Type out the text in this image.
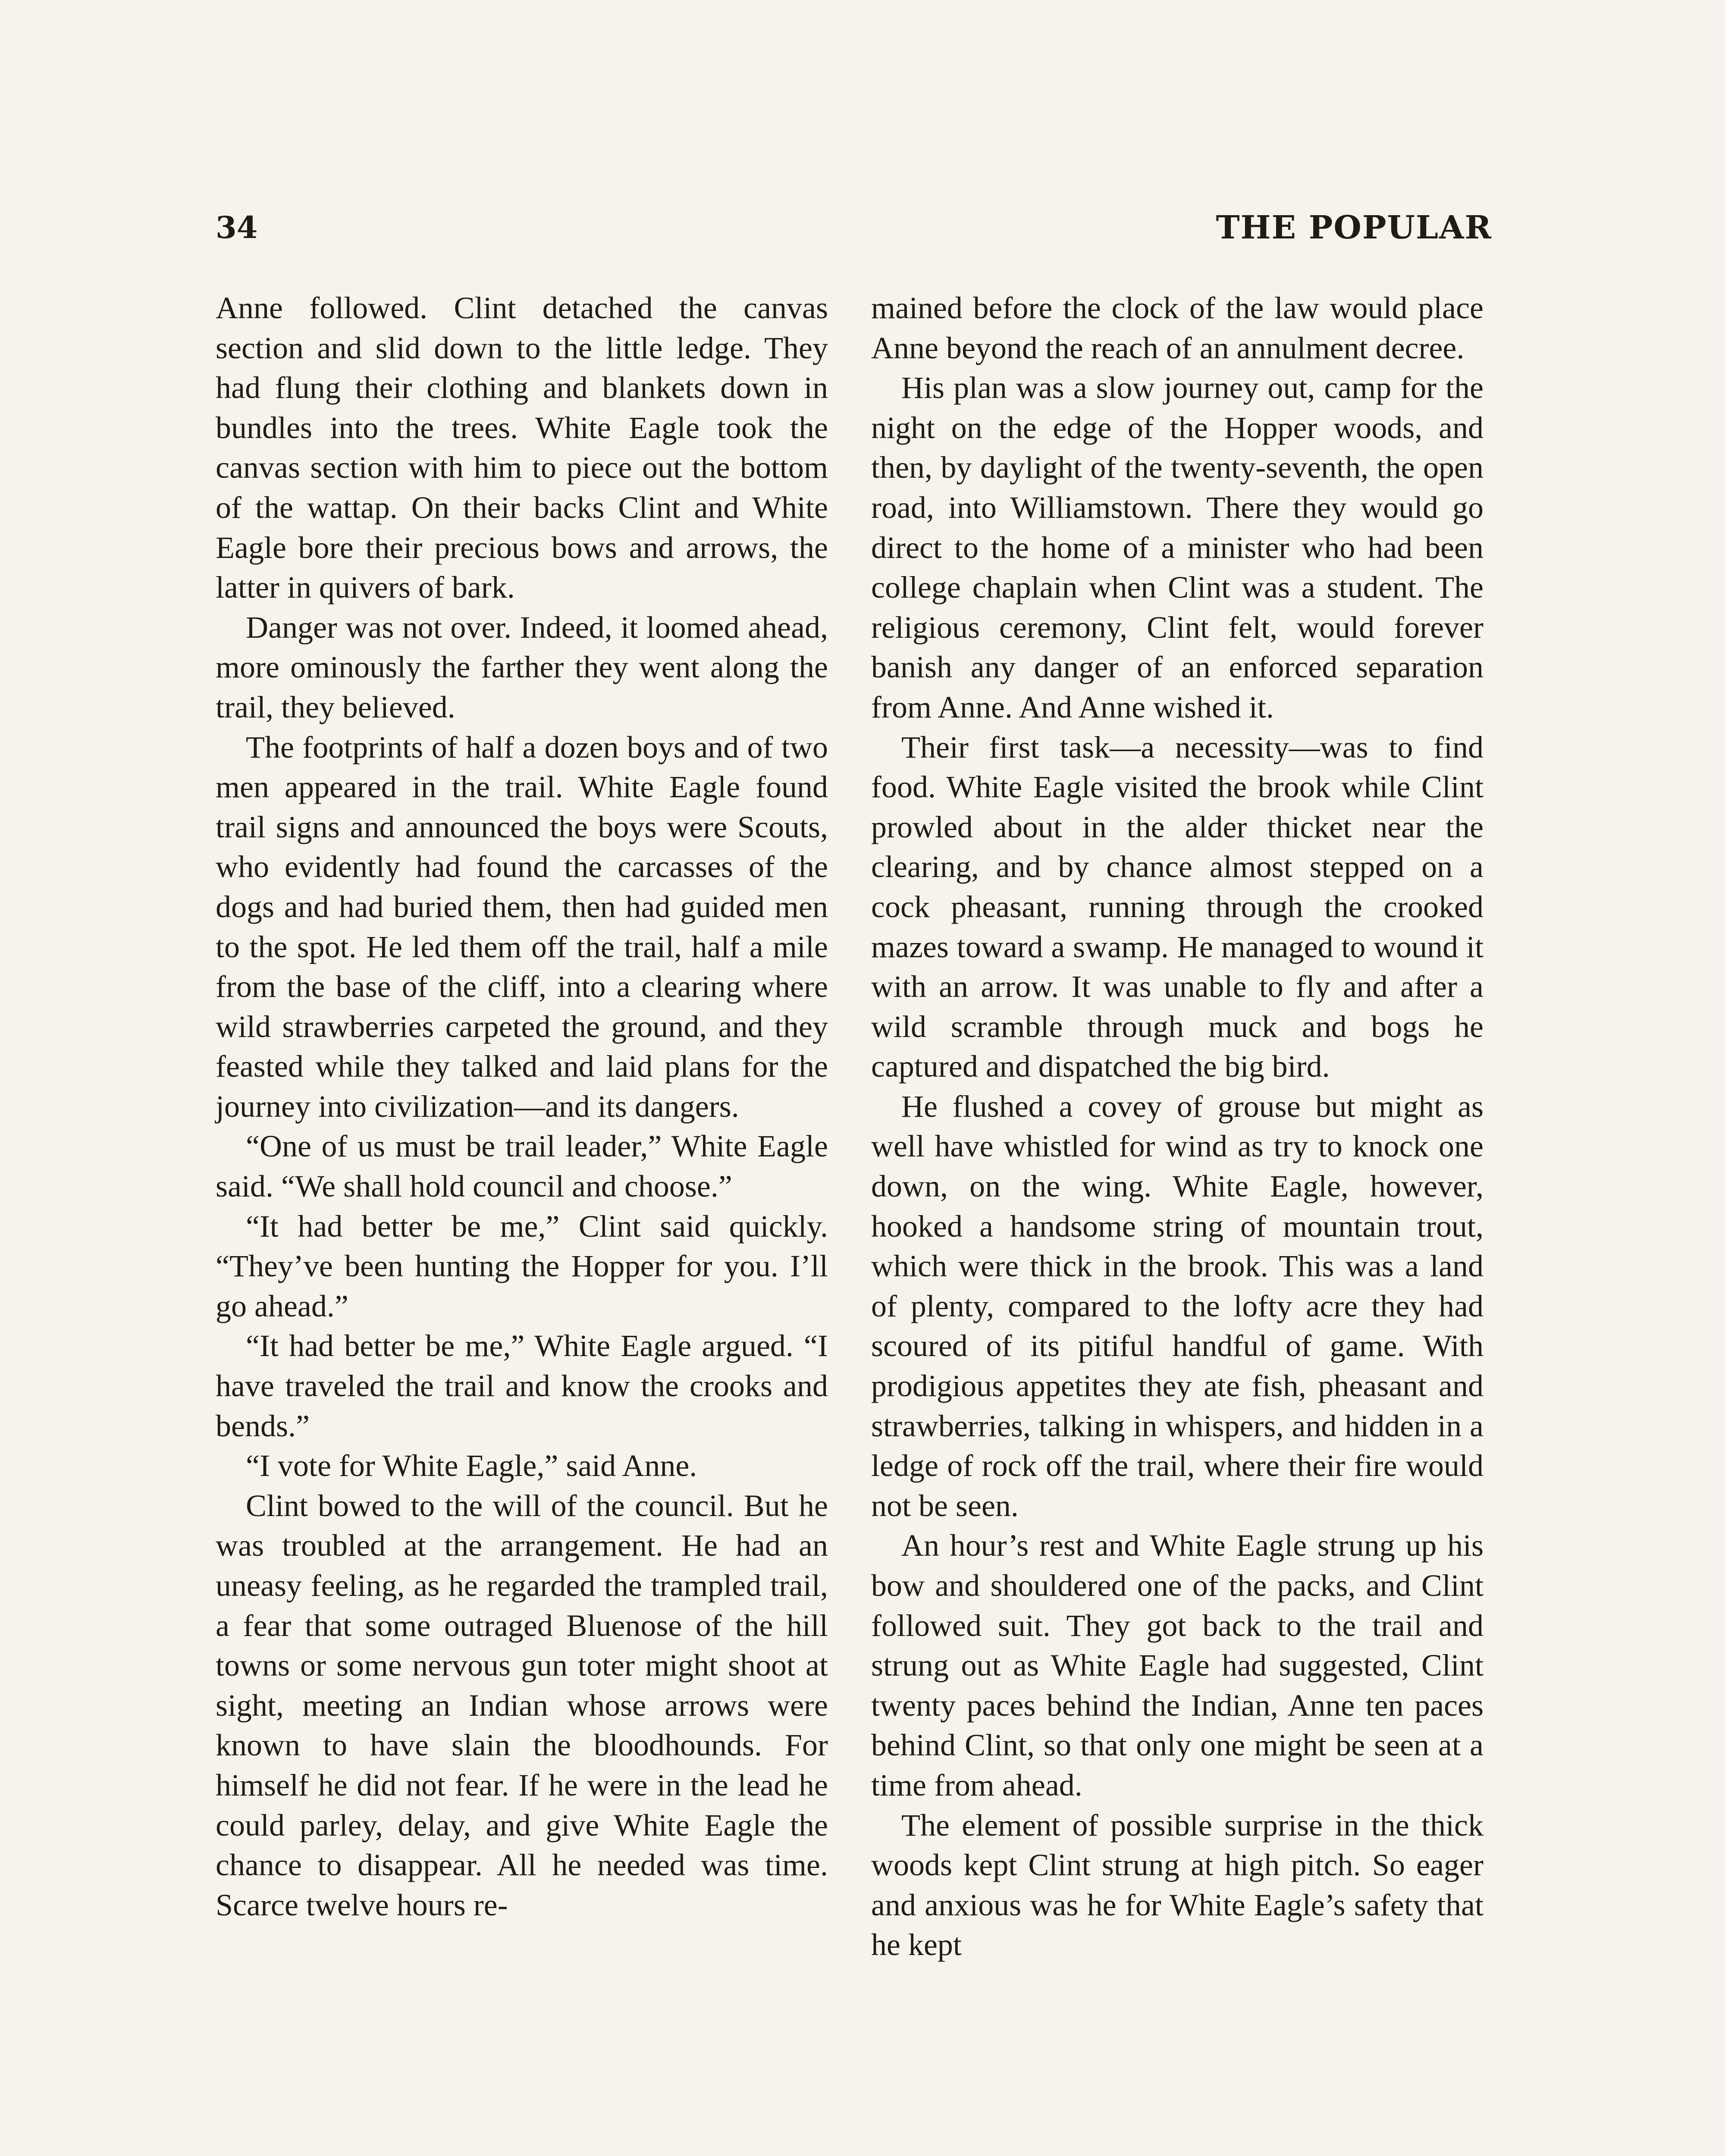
34	THE POPULAR

Anne followed. Clint detached the canvas section and slid down to the little ledge. They had flung their clothing and blankets down in bundles into the trees. White Eagle took the canvas section with him to piece out the bottom of the wattap. On their backs Clint and White Eagle bore their precious bows and arrows, the latter in quivers of bark.

Danger was not over. Indeed, it loomed ahead, more ominously the farther they went along the trail, they believed.

The footprints of half a dozen boys and of two men appeared in the trail. White Eagle found trail signs and announced the boys were Scouts, who evidently had found the carcasses of the dogs and had buried them, then had guided men to the spot. He led them off the trail, half a mile from the base of the cliff, into a clearing where wild strawberries carpeted the ground, and they feasted while they talked and laid plans for the journey into civilization—and its dangers.

“One of us must be trail leader,” White Eagle said. “We shall hold council and choose.”

“It had better be me,” Clint said quickly. “They’ve been hunting the Hopper for you. I’ll go ahead.”

“It had better be me,” White Eagle argued. “I have traveled the trail and know the crooks and bends.”

“I vote for White Eagle,” said Anne.

Clint bowed to the will of the council. But he was troubled at the arrangement. He had an uneasy feeling, as he regarded the trampled trail, a fear that some outraged Bluenose of the hill towns or some nervous gun toter might shoot at sight, meeting an Indian whose arrows were known to have slain the bloodhounds. For himself he did not fear. If he were in the lead he could parley, delay, and give White Eagle the chance to disappear. All he needed was time. Scarce twelve hours re-

mained before the clock of the law would place Anne beyond the reach of an annulment decree.

His plan was a slow journey out, camp for the night on the edge of the Hopper woods, and then, by daylight of the twenty-seventh, the open road, into Williamstown. There they would go direct to the home of a minister who had been college chaplain when Clint was a student. The religious ceremony, Clint felt, would forever banish any danger of an enforced separation from Anne. And Anne wished it.

Their first task—a necessity—was to find food. White Eagle visited the brook while Clint prowled about in the alder thicket near the clearing, and by chance almost stepped on a cock pheasant, running through the crooked mazes toward a swamp. He managed to wound it with an arrow. It was unable to fly and after a wild scramble through muck and bogs he captured and dispatched the big bird.

He flushed a covey of grouse but might as well have whistled for wind as try to knock one down, on the wing. White Eagle, however, hooked a handsome string of mountain trout, which were thick in the brook. This was a land of plenty, compared to the lofty acre they had scoured of its pitiful handful of game. With prodigious appetites they ate fish, pheasant and strawberries, talking in whispers, and hidden in a ledge of rock off the trail, where their fire would not be seen.

An hour’s rest and White Eagle strung up his bow and shouldered one of the packs, and Clint followed suit. They got back to the trail and strung out as White Eagle had suggested, Clint twenty paces behind the Indian, Anne ten paces behind Clint, so that only one might be seen at a time from ahead.

The element of possible surprise in the thick woods kept Clint strung at high pitch. So eager and anxious was he for White Eagle’s safety that he kept
